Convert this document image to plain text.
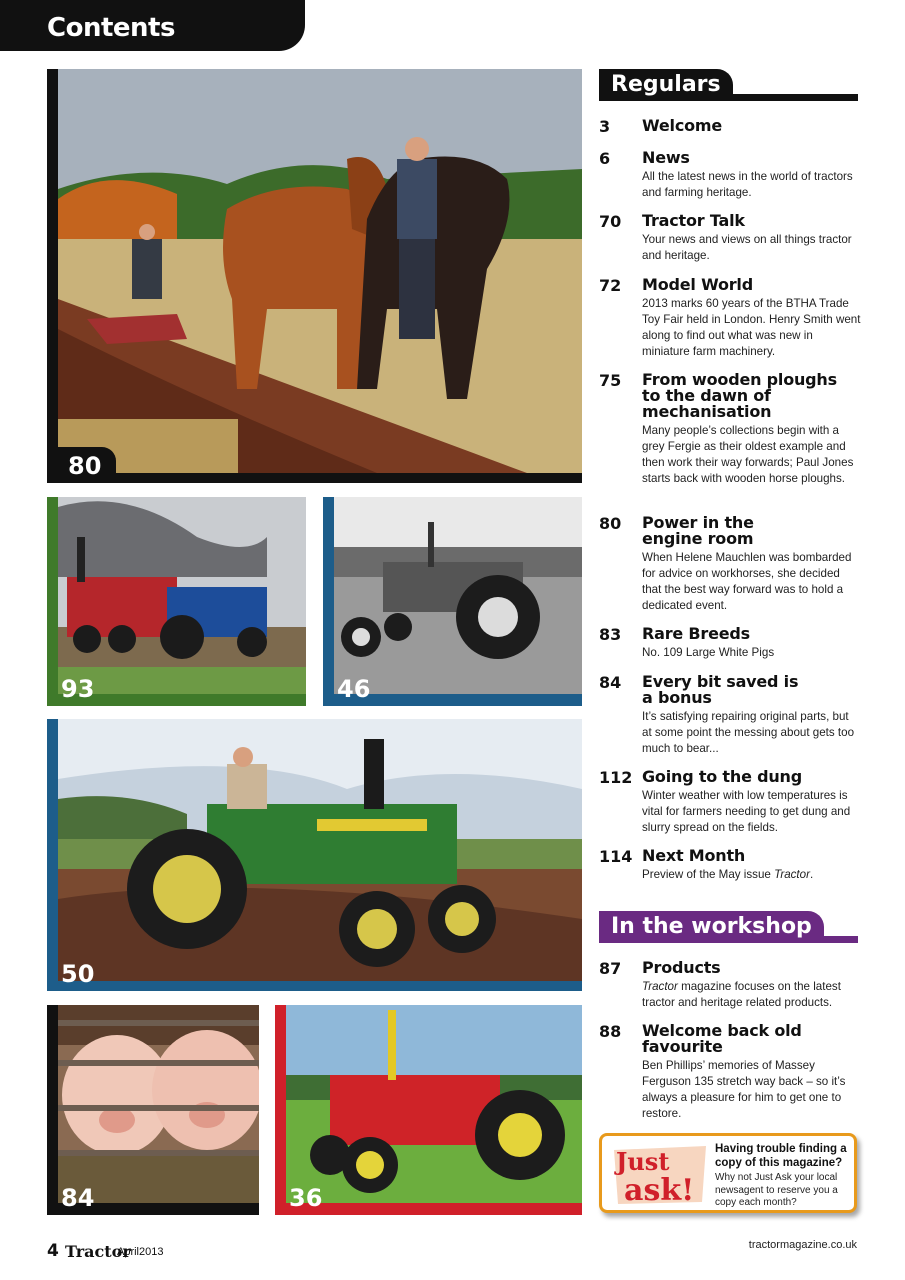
Contents
80
93	46
50
84	36
Regulars
3 Welcome
6 News
All the latest news in the world of tractors and farming heritage.
70 Tractor Talk
Your news and views on all things tractor and heritage.
72 Model World
2013 marks 60 years of the BTHA Trade Toy Fair held in London. Henry Smith went along to find out what was new in miniature farm machinery.
75 From wooden ploughs to the dawn of mechanisation
Many people’s collections begin with a grey Fergie as their oldest example and then work their way forwards; Paul Jones starts back with wooden horse ploughs.
80 Power in the engine room
When Helene Mauchlen was bombarded for advice on workhorses, she decided that the best way forward was to hold a dedicated event.
83 Rare Breeds
No. 109 Large White Pigs
84 Every bit saved is a bonus
It’s satisfying repairing original parts, but at some point the messing about gets too much to bear...
112 Going to the dung
Winter weather with low temperatures is vital for farmers needing to get dung and slurry spread on the fields.
114 Next Month
Preview of the May issue Tractor.
In the workshop
87 Products
Tractor magazine focuses on the latest tractor and heritage related products.
88 Welcome back old favourite
Ben Phillips’ memories of Massey Ferguson 135 stretch way back – so it’s always a pleasure for him to get one to restore.
Just
ask!
Having trouble finding a copy of this magazine?
Why not Just Ask your local newsagent to reserve you a copy each month?
4 Tractor
April2013
tractormagazine.co.uk
